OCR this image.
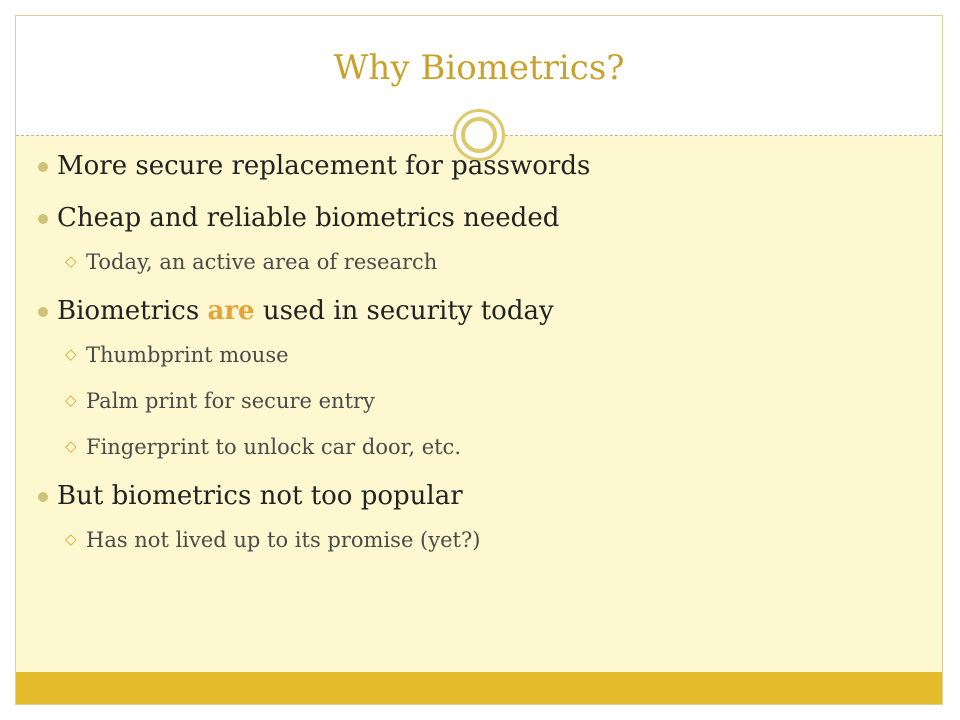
Why Biometrics?
More secure replacement for passwords
Cheap and reliable biometrics needed
◇ Today, an active area of research
Biometrics are used in security today
◇ Thumbprint mouse
◇ Palm print for secure entry
◇ Fingerprint to unlock car door, etc.
But biometrics not too popular
◇ Has not lived up to its promise (yet?)
